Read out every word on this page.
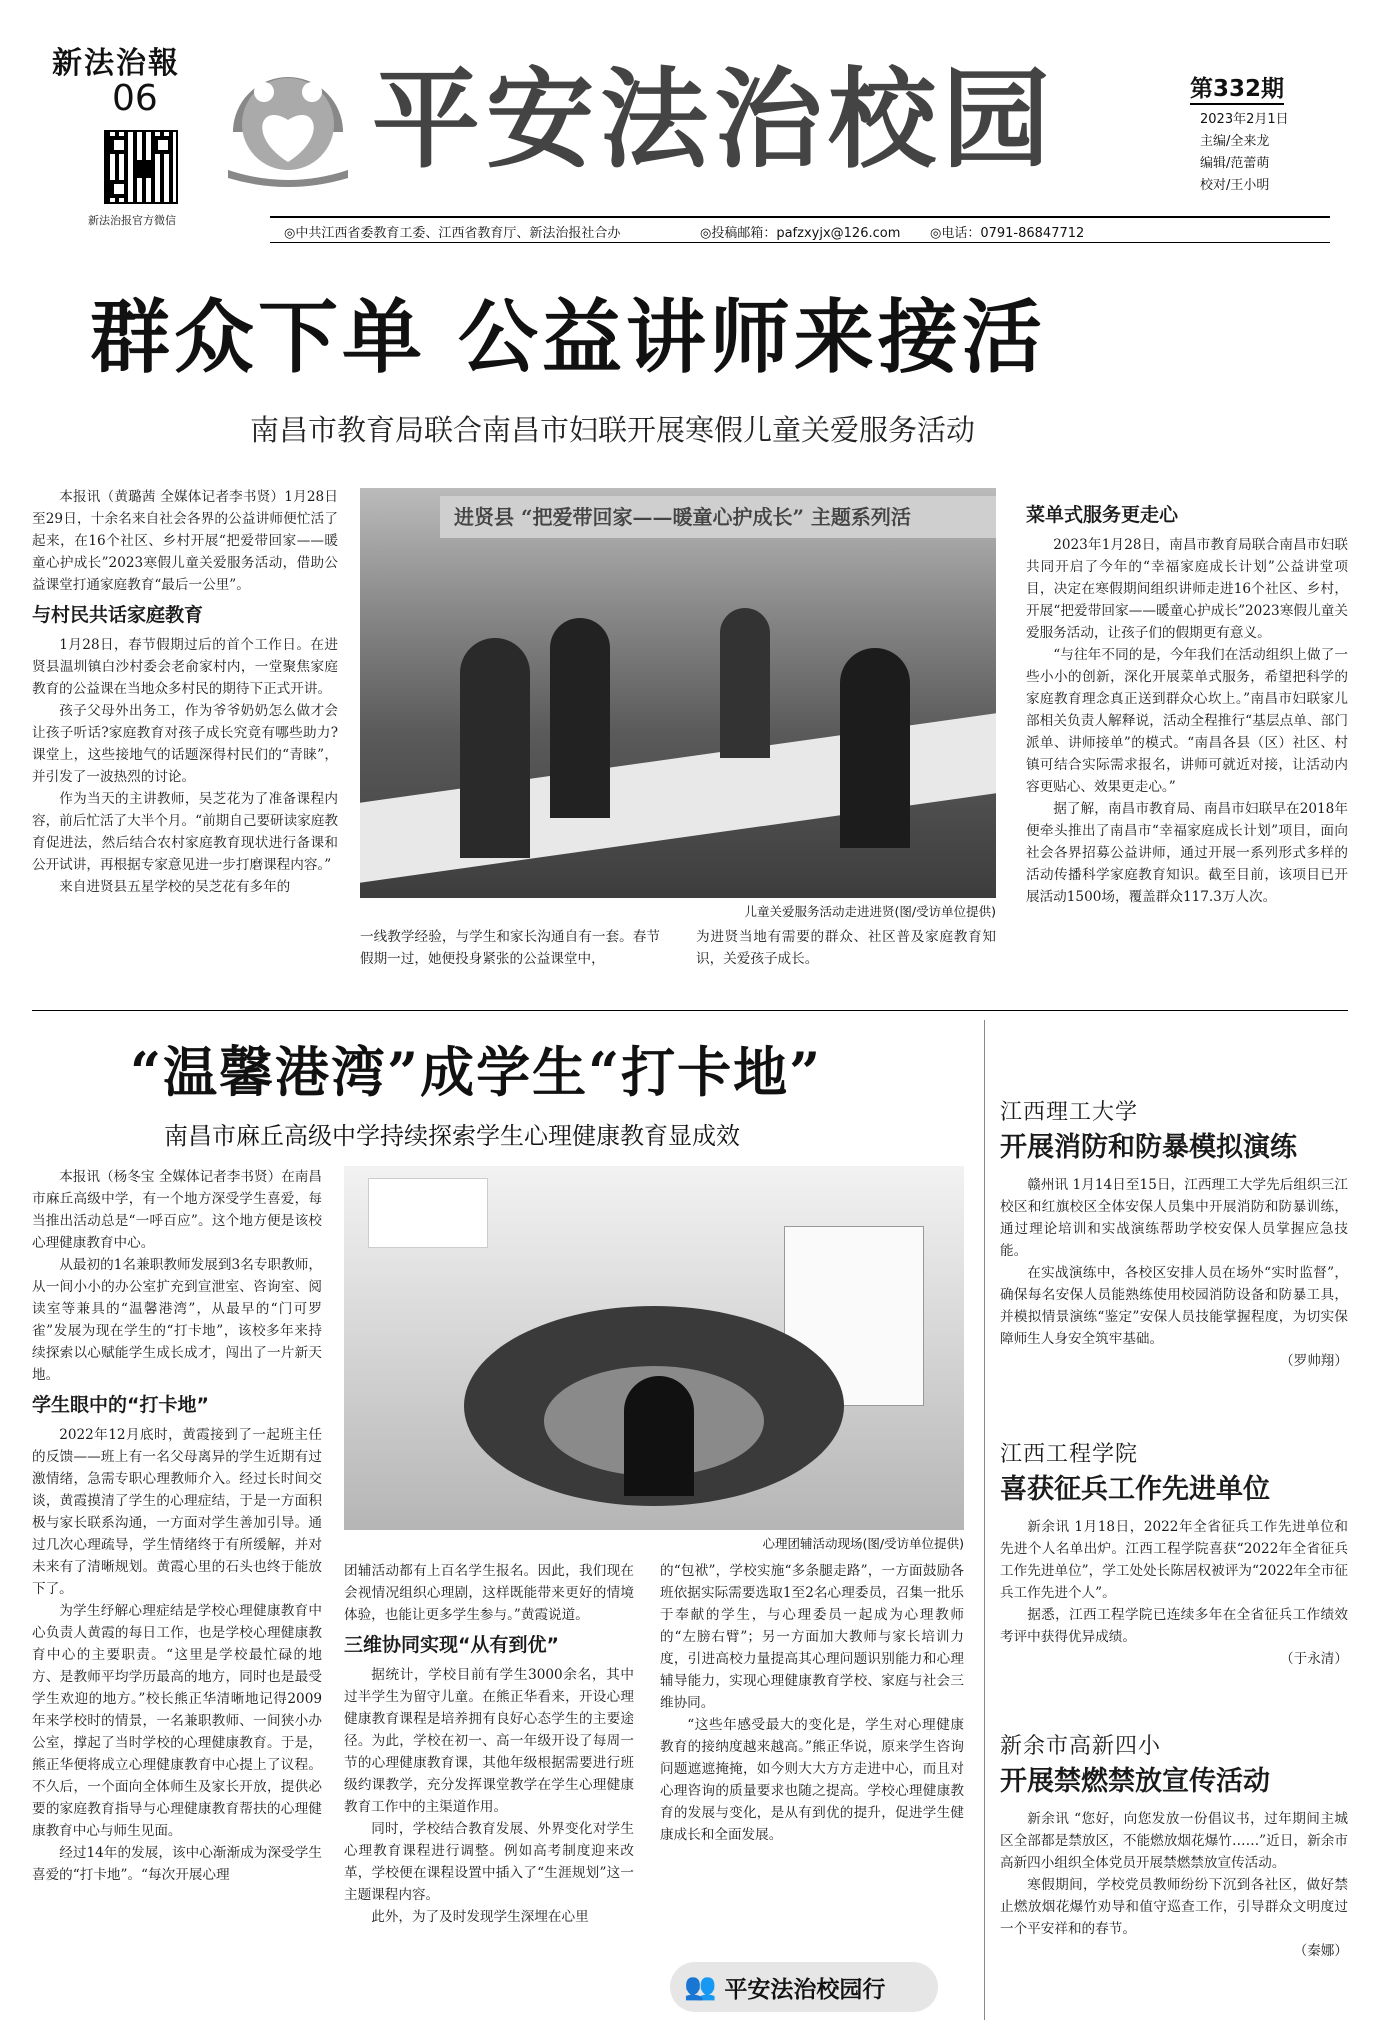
新法治報
06
新法治报官方微信
平安法治校园	第332期
2023年2月1日
主编/全来龙
编辑/范蕾萌
校对/王小明
◎中共江西省委教育工委、江西省教育厅、新法治报社合办	◎投稿邮箱：pafzxyjx@126.com ◎电话：0791-86847712
群众下单 公益讲师来接活
南昌市教育局联合南昌市妇联开展寒假儿童关爱服务活动

本报讯（黄璐茜 全媒体记者李书贤）1月28日至29日，十余名来自社会各界的公益讲师便忙活了起来，在16个社区、乡村开展“把爱带回家——暖童心护成长”2023寒假儿童关爱服务活动，借助公益课堂打通家庭教育“最后一公里”。

与村民共话家庭教育

1月28日，春节假期过后的首个工作日。在进贤县温圳镇白沙村委会老俞家村内，一堂聚焦家庭教育的公益课在当地众多村民的期待下正式开讲。

孩子父母外出务工，作为爷爷奶奶怎么做才会让孩子听话?家庭教育对孩子成长究竟有哪些助力?课堂上，这些接地气的话题深得村民们的“青睐”，并引发了一波热烈的讨论。

作为当天的主讲教师，吴芝花为了准备课程内容，前后忙活了大半个月。“前期自己要研读家庭教育促进法，然后结合农村家庭教育现状进行备课和公开试讲，再根据专家意见进一步打磨课程内容。”

来自进贤县五星学校的吴芝花有多年的

进贤县 “把爱带回家——暖童心护成长” 主题系列活
儿童关爱服务活动走进进贤(图/受访单位提供)

一线教学经验，与学生和家长沟通自有一套。春节假期一过，她便投身紧张的公益课堂中，

为进贤当地有需要的群众、社区普及家庭教育知识，关爱孩子成长。

菜单式服务更走心

2023年1月28日，南昌市教育局联合南昌市妇联共同开启了今年的“幸福家庭成长计划”公益讲堂项目，决定在寒假期间组织讲师走进16个社区、乡村，开展“把爱带回家——暖童心护成长”2023寒假儿童关爱服务活动，让孩子们的假期更有意义。

“与往年不同的是，今年我们在活动组织上做了一些小小的创新，深化开展菜单式服务，希望把科学的家庭教育理念真正送到群众心坎上。”南昌市妇联家儿部相关负责人解释说，活动全程推行“基层点单、部门派单、讲师接单”的模式。“南昌各县（区）社区、村镇可结合实际需求报名，讲师可就近对接，让活动内容更贴心、效果更走心。”

据了解，南昌市教育局、南昌市妇联早在2018年便牵头推出了南昌市“幸福家庭成长计划”项目，面向社会各界招募公益讲师，通过开展一系列形式多样的活动传播科学家庭教育知识。截至目前，该项目已开展活动1500场，覆盖群众117.3万人次。

“温馨港湾”成学生“打卡地”
南昌市麻丘高级中学持续探索学生心理健康教育显成效

本报讯（杨冬宝 全媒体记者李书贤）在南昌市麻丘高级中学，有一个地方深受学生喜爱，每当推出活动总是“一呼百应”。这个地方便是该校心理健康教育中心。

从最初的1名兼职教师发展到3名专职教师，从一间小小的办公室扩充到宣泄室、咨询室、阅读室等兼具的“温馨港湾”，从最早的“门可罗雀”发展为现在学生的“打卡地”，该校多年来持续探索以心赋能学生成长成才，闯出了一片新天地。

学生眼中的“打卡地”

2022年12月底时，黄霞接到了一起班主任的反馈——班上有一名父母离异的学生近期有过激情绪，急需专职心理教师介入。经过长时间交谈，黄霞摸清了学生的心理症结，于是一方面积极与家长联系沟通，一方面对学生善加引导。通过几次心理疏导，学生情绪终于有所缓解，并对未来有了清晰规划。黄霞心里的石头也终于能放下了。

为学生纾解心理症结是学校心理健康教育中心负责人黄霞的每日工作，也是学校心理健康教育中心的主要职责。“这里是学校最忙碌的地方、是教师平均学历最高的地方，同时也是最受学生欢迎的地方。”校长熊正华清晰地记得2009年来学校时的情景，一名兼职教师、一间狭小办公室，撑起了当时学校的心理健康教育。于是，熊正华便将成立心理健康教育中心提上了议程。不久后，一个面向全体师生及家长开放，提供必要的家庭教育指导与心理健康教育帮扶的心理健康教育中心与师生见面。

经过14年的发展，该中心渐渐成为深受学生喜爱的“打卡地”。“每次开展心理

心理团辅活动现场(图/受访单位提供)

团辅活动都有上百名学生报名。因此，我们现在会视情况组织心理剧，这样既能带来更好的情境体验，也能让更多学生参与。”黄霞说道。

三维协同实现“从有到优”

据统计，学校目前有学生3000余名，其中过半学生为留守儿童。在熊正华看来，开设心理健康教育课程是培养拥有良好心态学生的主要途径。为此，学校在初一、高一年级开设了每周一节的心理健康教育课，其他年级根据需要进行班级约课教学，充分发挥课堂教学在学生心理健康教育工作中的主渠道作用。

同时，学校结合教育发展、外界变化对学生心理教育课程进行调整。例如高考制度迎来改革，学校便在课程设置中插入了“生涯规划”这一主题课程内容。

此外，为了及时发现学生深埋在心里

的“包袱”，学校实施“多条腿走路”，一方面鼓励各班依据实际需要选取1至2名心理委员，召集一批乐于奉献的学生，与心理委员一起成为心理教师的“左膀右臂”；另一方面加大教师与家长培训力度，引进高校力量提高其心理问题识别能力和心理辅导能力，实现心理健康教育学校、家庭与社会三维协同。

“这些年感受最大的变化是，学生对心理健康教育的接纳度越来越高。”熊正华说，原来学生咨询问题遮遮掩掩，如今则大大方方走进中心，而且对心理咨询的质量要求也随之提高。学校心理健康教育的发展与变化，是从有到优的提升，促进学生健康成长和全面发展。

👥 平安法治校园行
江西理工大学
开展消防和防暴模拟演练

赣州讯 1月14日至15日，江西理工大学先后组织三江校区和红旗校区全体安保人员集中开展消防和防暴训练，通过理论培训和实战演练帮助学校安保人员掌握应急技能。

在实战演练中，各校区安排人员在场外“实时监督”，确保每名安保人员能熟练使用校园消防设备和防暴工具，并模拟情景演练“鉴定”安保人员技能掌握程度，为切实保障师生人身安全筑牢基础。

（罗帅翔）
江西工程学院
喜获征兵工作先进单位

新余讯 1月18日，2022年全省征兵工作先进单位和先进个人名单出炉。江西工程学院喜获“2022年全省征兵工作先进单位”，学工处处长陈居权被评为“2022年全市征兵工作先进个人”。

据悉，江西工程学院已连续多年在全省征兵工作绩效考评中获得优异成绩。

（于永清）
新余市高新四小
开展禁燃禁放宣传活动

新余讯 “您好，向您发放一份倡议书，过年期间主城区全部都是禁放区，不能燃放烟花爆竹……”近日，新余市高新四小组织全体党员开展禁燃禁放宣传活动。

寒假期间，学校党员教师纷纷下沉到各社区，做好禁止燃放烟花爆竹劝导和值守巡查工作，引导群众文明度过一个平安祥和的春节。

（秦娜）
